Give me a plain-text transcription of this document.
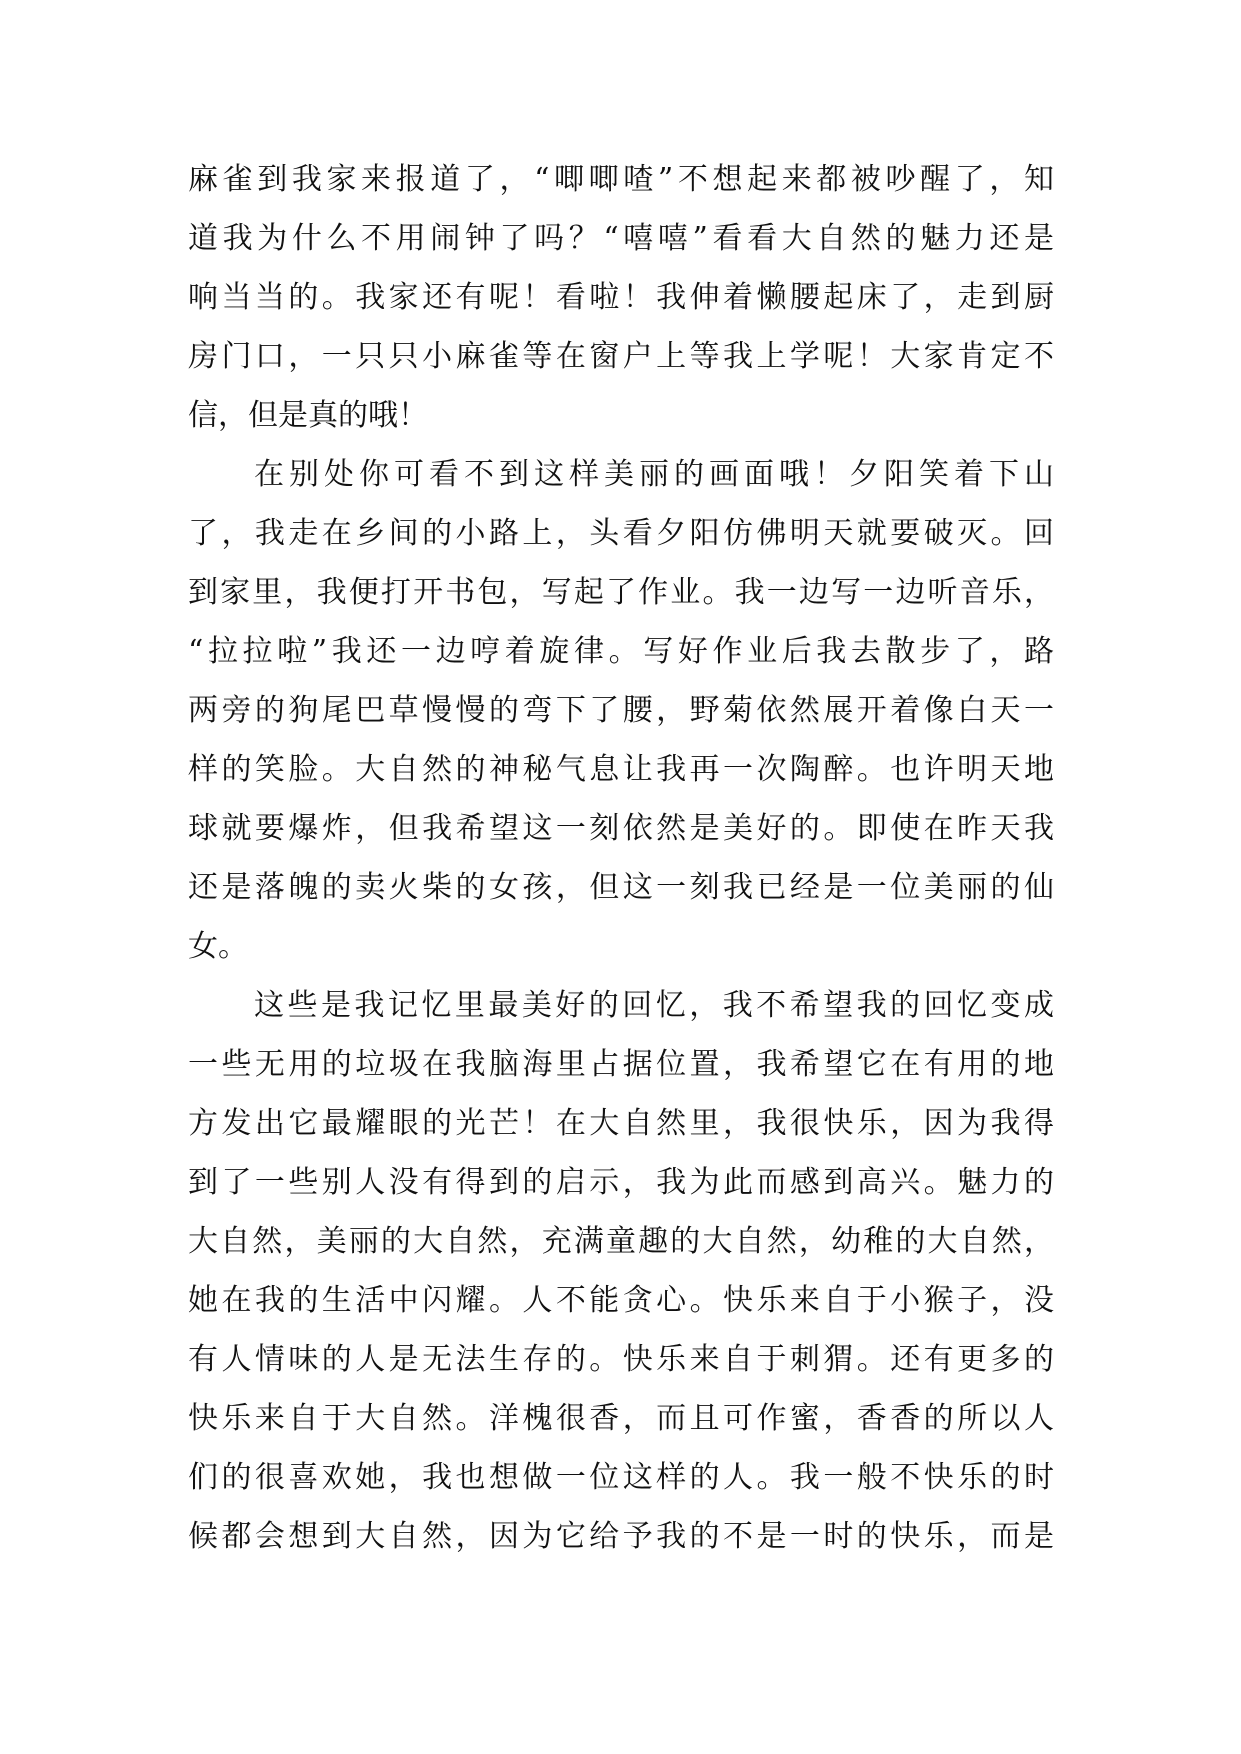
麻雀到我家来报道了，“唧唧喳”不想起来都被吵醒了，知
道我为什么不用闹钟了吗？“嘻嘻”看看大自然的魅力还是
响当当的。我家还有呢！看啦！我伸着懒腰起床了，走到厨
房门口，一只只小麻雀等在窗户上等我上学呢！大家肯定不
信，但是真的哦！
在别处你可看不到这样美丽的画面哦！夕阳笑着下山
了，我走在乡间的小路上，头看夕阳仿佛明天就要破灭。回
到家里，我便打开书包，写起了作业。我一边写一边听音乐，
“拉拉啦”我还一边哼着旋律。写好作业后我去散步了，路
两旁的狗尾巴草慢慢的弯下了腰，野菊依然展开着像白天一
样的笑脸。大自然的神秘气息让我再一次陶醉。也许明天地
球就要爆炸，但我希望这一刻依然是美好的。即使在昨天我
还是落魄的卖火柴的女孩，但这一刻我已经是一位美丽的仙
女。
这些是我记忆里最美好的回忆，我不希望我的回忆变成
一些无用的垃圾在我脑海里占据位置，我希望它在有用的地
方发出它最耀眼的光芒！在大自然里，我很快乐，因为我得
到了一些别人没有得到的启示，我为此而感到高兴。魅力的
大自然，美丽的大自然，充满童趣的大自然，幼稚的大自然，
她在我的生活中闪耀。人不能贪心。快乐来自于小猴子，没
有人情味的人是无法生存的。快乐来自于刺猬。还有更多的
快乐来自于大自然。洋槐很香，而且可作蜜，香香的所以人
们的很喜欢她，我也想做一位这样的人。我一般不快乐的时
候都会想到大自然，因为它给予我的不是一时的快乐，而是
